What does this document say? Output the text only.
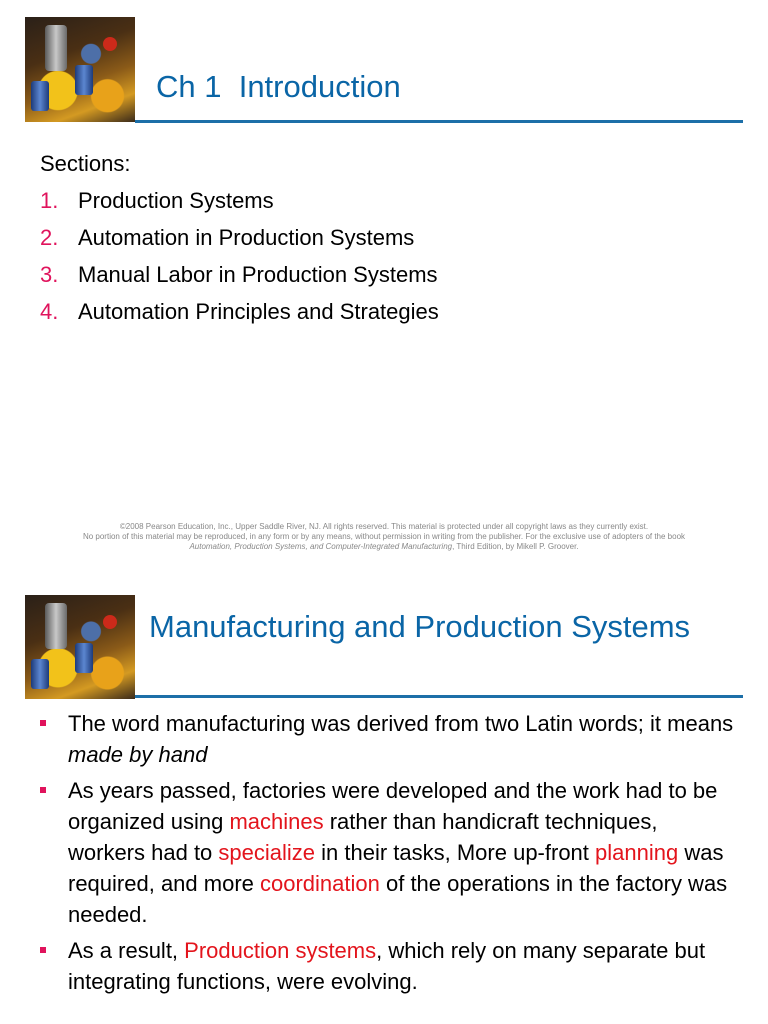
Ch 1  Introduction
Sections:
1. Production Systems
2. Automation in Production Systems
3. Manual Labor in Production Systems
4. Automation Principles and Strategies
©2008 Pearson Education, Inc., Upper Saddle River, NJ. All rights reserved. This material is protected under all copyright laws as they currently exist.
No portion of this material may be reproduced, in any form or by any means, without permission in writing from the publisher. For the exclusive use of adopters of the book
Automation, Production Systems, and Computer-Integrated Manufacturing, Third Edition, by Mikell P. Groover.
Manufacturing and Production Systems
The word manufacturing was derived from two Latin words; it means made by hand
As years passed, factories were developed and the work had to be organized using machines rather than handicraft techniques, workers had to specialize in their tasks, More up-front planning was required, and more coordination of the operations in the factory was needed.
As a result, Production systems, which rely on many separate but integrating functions, were evolving.
